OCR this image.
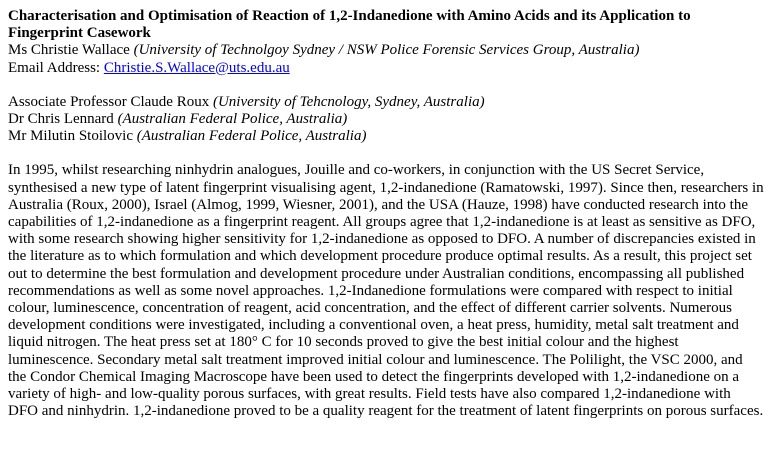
Characterisation and Optimisation of Reaction of 1,2-Indanedione with Amino Acids and its Application to Fingerprint Casework

Ms Christie Wallace (University of Technolgoy Sydney / NSW Police Forensic Services Group, Australia)

Email Address: Christie.S.Wallace@uts.edu.au

Associate Professor Claude Roux (University of Tehcnology, Sydney, Australia)

Dr Chris Lennard (Australian Federal Police, Australia)

Mr Milutin Stoilovic (Australian Federal Police, Australia)

In 1995, whilst researching ninhydrin analogues, Jouille and co-workers, in conjunction with the US Secret Service, synthesised a new type of latent fingerprint visualising agent, 1,2-indanedione (Ramatowski, 1997). Since then, researchers in Australia (Roux, 2000), Israel (Almog, 1999, Wiesner, 2001), and the USA (Hauze, 1998) have conducted research into the capabilities of 1,2-indanedione as a fingerprint reagent. All groups agree that 1,2-indanedione is at least as sensitive as DFO, with some research showing higher sensitivity for 1,2-indanedione as opposed to DFO. A number of discrepancies existed in the literature as to which formulation and which development procedure produce optimal results. As a result, this project set out to determine the best formulation and development procedure under Australian conditions, encompassing all published recommendations as well as some novel approaches. 1,2-Indanedione formulations were compared with respect to initial colour, luminescence, concentration of reagent, acid concentration, and the effect of different carrier solvents. Numerous development conditions were investigated, including a conventional oven, a heat press, humidity, metal salt treatment and liquid nitrogen. The heat press set at 180° C for 10 seconds proved to give the best initial colour and the highest luminescence. Secondary metal salt treatment improved initial colour and luminescence. The Polilight, the VSC 2000, and the Condor Chemical Imaging Macroscope have been used to detect the fingerprints developed with 1,2-indanedione on a variety of high- and low-quality porous surfaces, with great results. Field tests have also compared 1,2-indanedione with DFO and ninhydrin. 1,2-indanedione proved to be a quality reagent for the treatment of latent fingerprints on porous surfaces.
